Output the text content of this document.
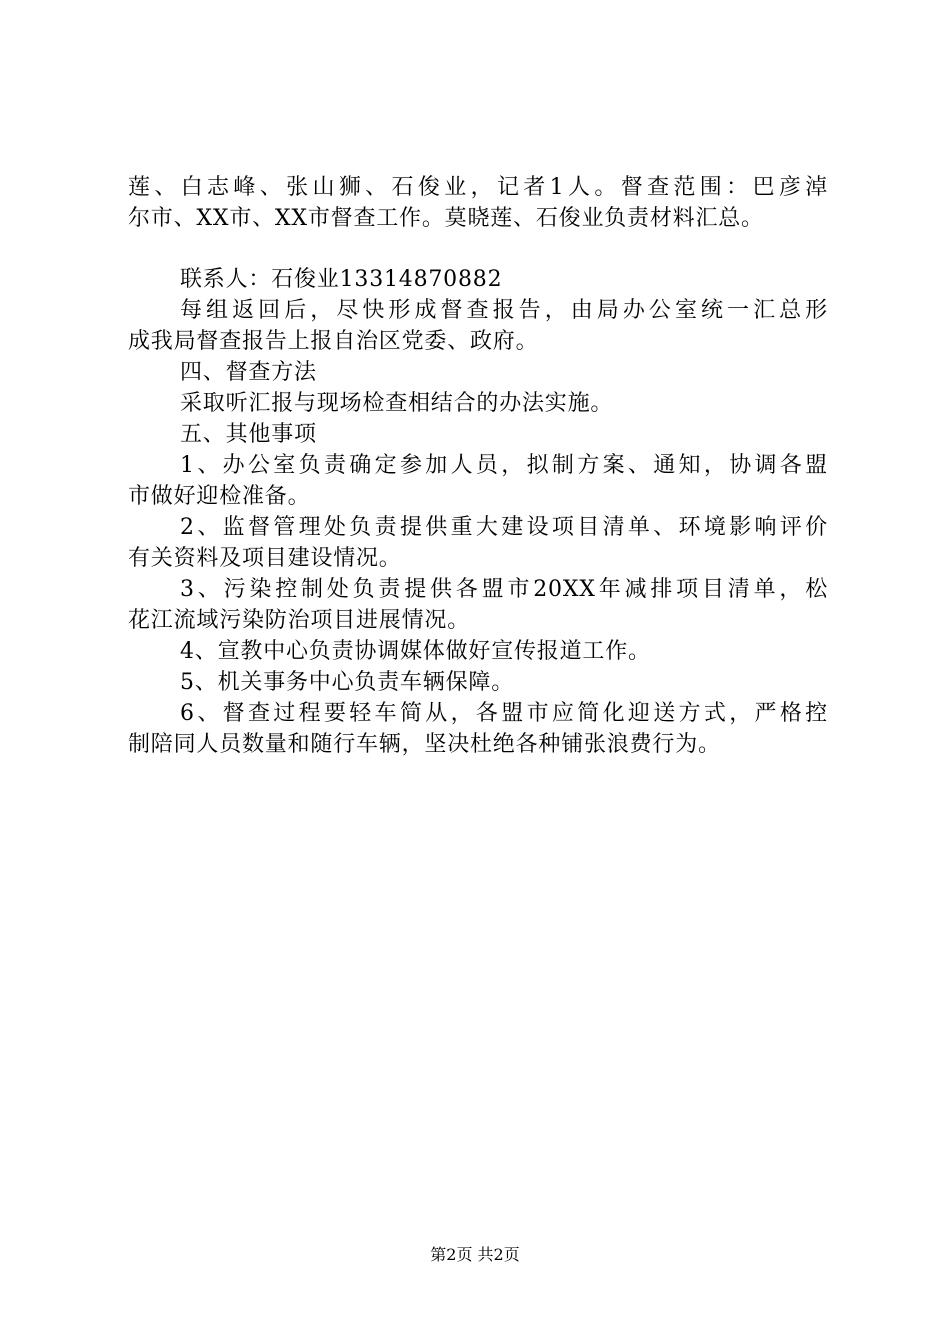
莲、白志峰、张山狮、石俊业，记者1人。督查范围：巴彦淖
尔市、XX市、XX市督查工作。莫晓莲、石俊业负责材料汇总。
联系人：石俊业13314870882
每组返回后，尽快形成督查报告，由局办公室统一汇总形
成我局督查报告上报自治区党委、政府。
四、督查方法
采取听汇报与现场检查相结合的办法实施。
五、其他事项
1、办公室负责确定参加人员，拟制方案、通知，协调各盟
市做好迎检准备。
2、监督管理处负责提供重大建设项目清单、环境影响评价
有关资料及项目建设情况。
3、污染控制处负责提供各盟市20XX年减排项目清单，松
花江流域污染防治项目进展情况。
4、宣教中心负责协调媒体做好宣传报道工作。
5、机关事务中心负责车辆保障。
6、督查过程要轻车简从，各盟市应简化迎送方式，严格控
制陪同人员数量和随行车辆，坚决杜绝各种铺张浪费行为。
第2页 共2页
